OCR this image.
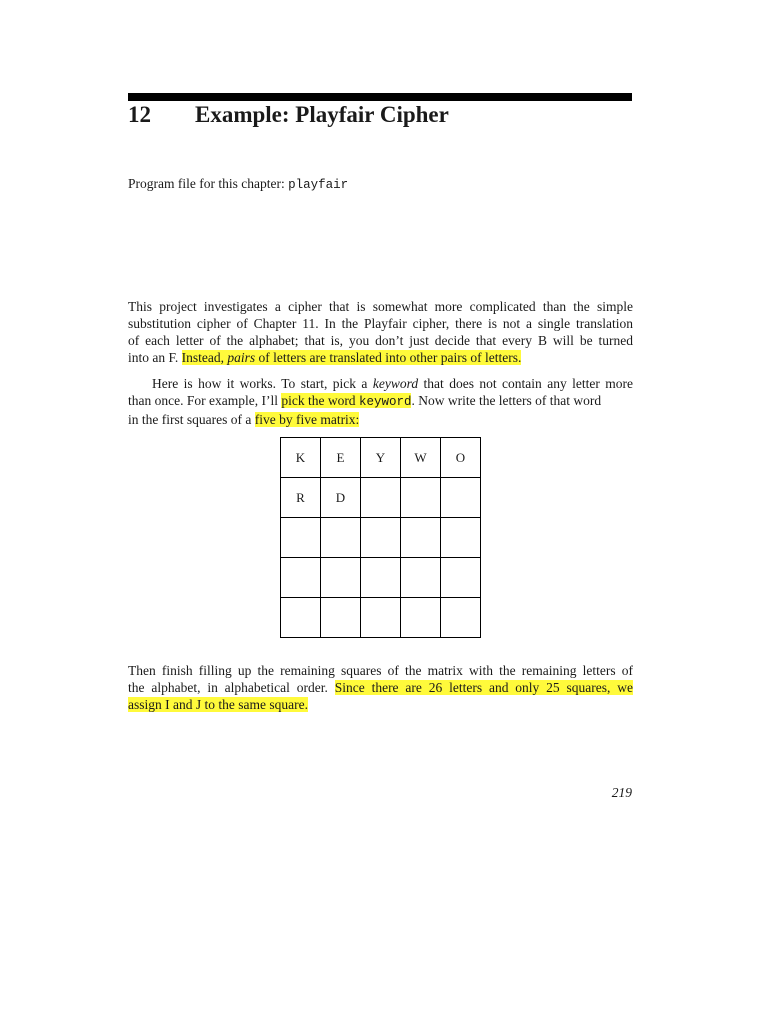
12 Example: Playfair Cipher
Program file for this chapter: playfair
This project investigates a cipher that is somewhat more complicated than the simple
substitution cipher of Chapter 11. In the Playfair cipher, there is not a single translation
of each letter of the alphabet; that is, you don’t just decide that every B will be turned
into an F. Instead, pairs of letters are translated into other pairs of letters.
Here is how it works. To start, pick a keyword that does not contain any letter more
than once. For example, I’ll pick the word keyword. Now write the letters of that word
in the first squares of a five by five matrix:
K	E	Y	W	O
R	D			

Then finish filling up the remaining squares of the matrix with the remaining letters of
the alphabet, in alphabetical order. Since there are 26 letters and only 25 squares, we
assign I and J to the same square.
219
